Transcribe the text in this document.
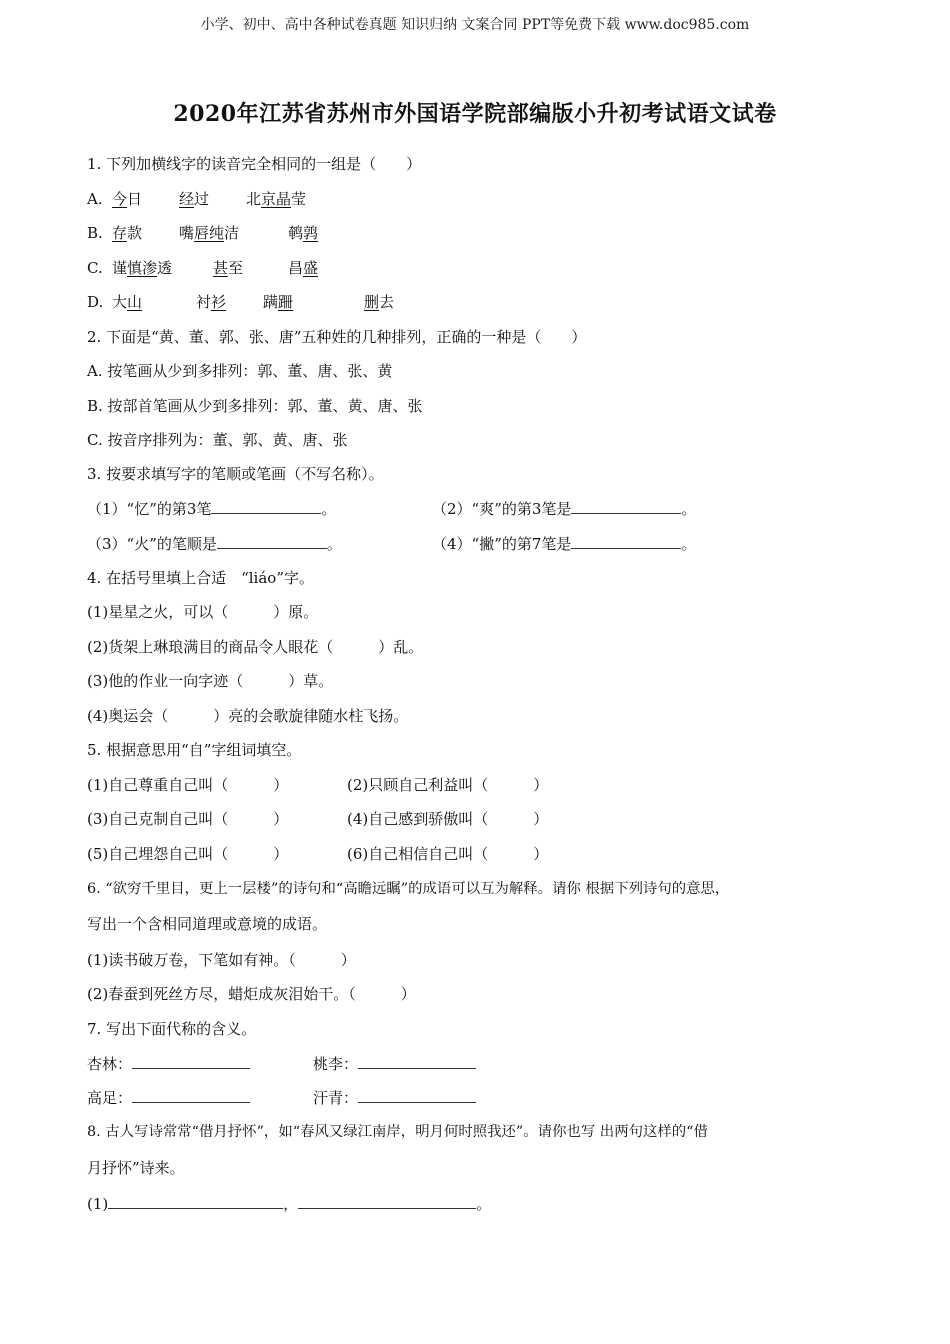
小学、初中、高中各种试卷真题 知识归纳 文案合同 PPT等免费下载 www.doc985.com
2020年江苏省苏州市外国语学院部编版小升初考试语文试卷
1. 下列加横线字的读音完全相同的一组是（　　）
A. 今日 经过 北京晶莹
B. 存款 嘴唇纯洁	鹌鹑
C. 谨慎渗透	甚至	昌盛
D. 大山	衬衫 蹒跚	删去
2. 下面是“黄、董、郭、张、唐”五种姓的几种排列，正确的一种是（　　）
A. 按笔画从少到多排列：郭、董、唐、张、黄
B. 按部首笔画从少到多排列：郭、董、黄、唐、张
C. 按音序排列为：董、郭、黄、唐、张
3. 按要求填写字的笔顺或笔画（不写名称）。
（1）“忆”的第3笔	。	（2）“爽”的第3笔是	。
（3）“火”的笔顺是	。	（4）“撇”的第7笔是	。
4. 在括号里填上合适　“liáo”字。
(1)星星之火，可以（　　　）原。
(2)货架上琳琅满目的商品令人眼花（　　　）乱。
(3)他的作业一向字迹（　　　）草。
(4)奥运会（　　　）亮的会歌旋律随水柱飞扬。
5. 根据意思用“自”字组词填空。
(1)自己尊重自己叫（　　　）	(2)只顾自己利益叫（　　　）
(3)自己克制自己叫（　　　）	(4)自己感到骄傲叫（　　　）
(5)自己埋怨自己叫（　　　）	(6)自己相信自己叫（　　　）
6. “欲穷千里目，更上一层楼”的诗句和“高瞻远瞩”的成语可以互为解释。请你 根据下列诗句的意思，
写出一个含相同道理或意境的成语。
(1)读书破万卷，下笔如有神。（　　　）
(2)春蚕到死丝方尽，蜡炬成灰泪始干。（　　　）
7. 写出下面代称的含义。
杏林：	桃李：
高足：	汗青：
8. 古人写诗常常“借月抒怀”，如“春风又绿江南岸，明月何时照我还”。请你也写 出两句这样的“借
月抒怀”诗来。
(1)	，	。
